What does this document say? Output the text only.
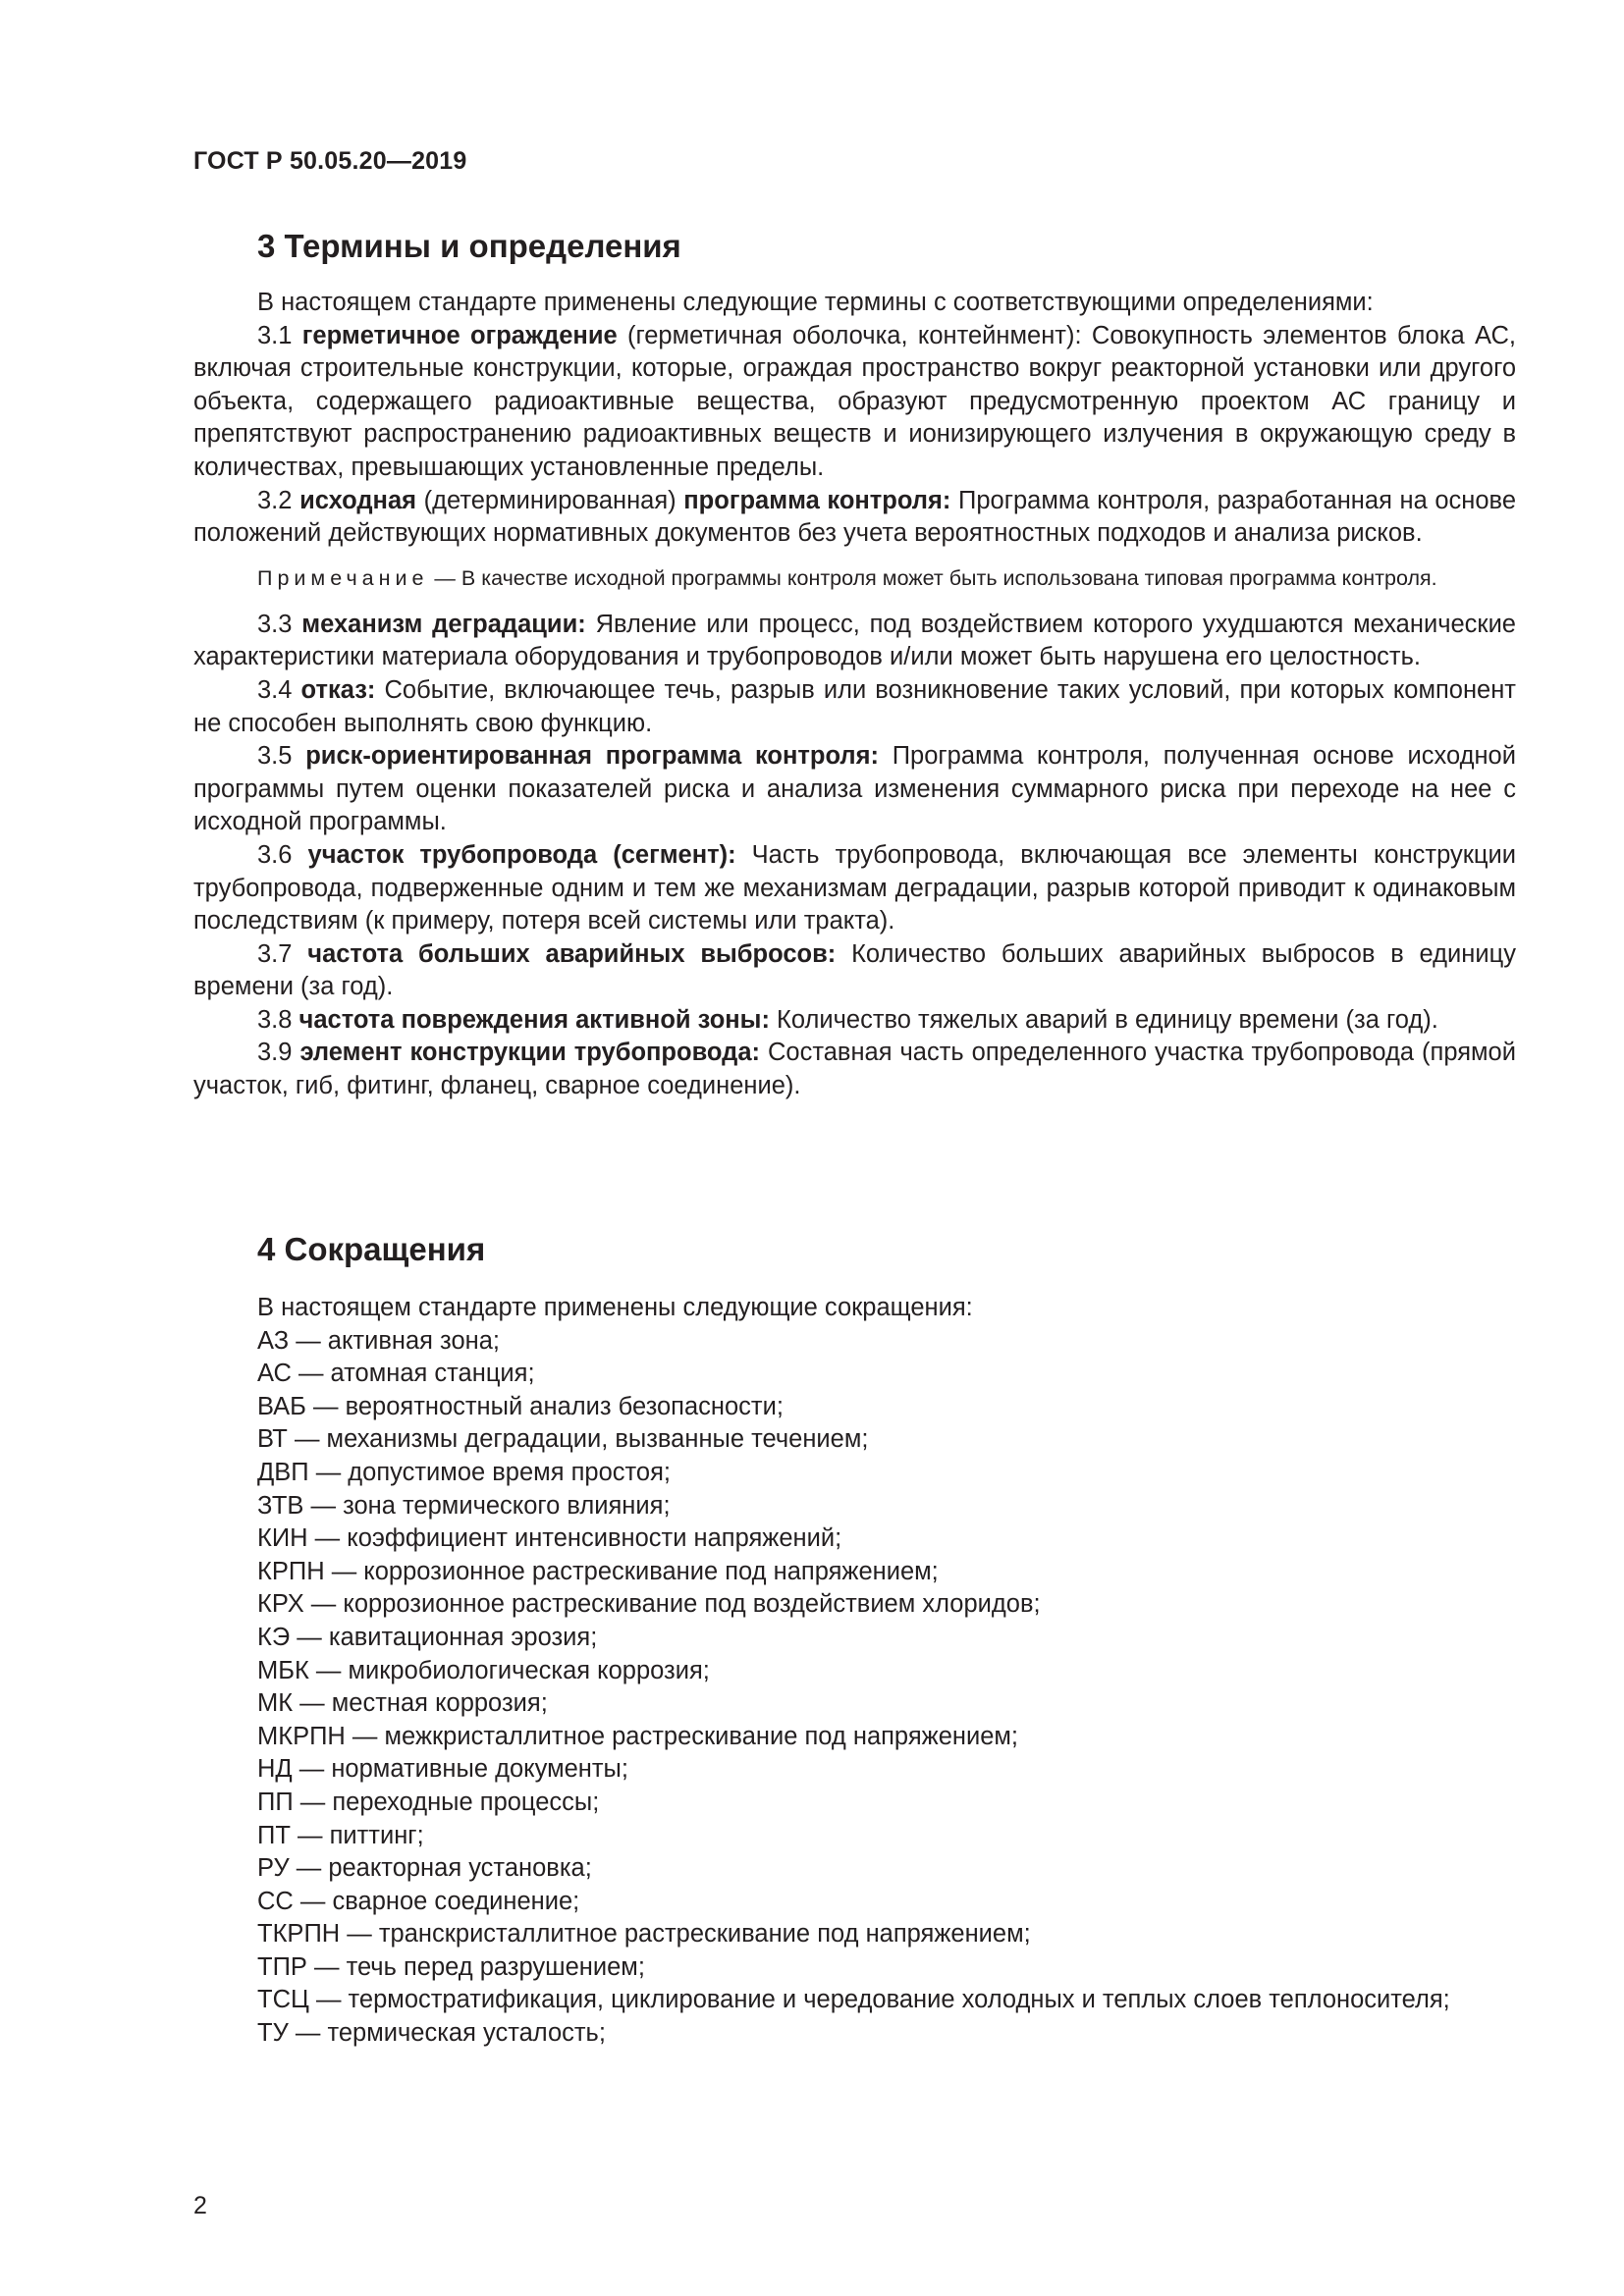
ГОСТ Р 50.05.20—2019
3 Термины и определения

В настоящем стандарте применены следующие термины с соответствующими определениями:

3.1 герметичное ограждение (герметичная оболочка, контейнмент): Совокупность элементов блока АС, включая строительные конструкции, которые, ограждая пространство вокруг реакторной установки или другого объекта, содержащего радиоактивные вещества, образуют предусмотренную проектом АС границу и препятствуют распространению радиоактивных веществ и ионизирующего излучения в окружающую среду в количествах, превышающих установленные пределы.

3.2 исходная (детерминированная) программа контроля: Программа контроля, разработанная на основе положений действующих нормативных документов без учета вероятностных подходов и анализа рисков.

Примечание — В качестве исходной программы контроля может быть использована типовая программа контроля.

3.3 механизм деградации: Явление или процесс, под воздействием которого ухудшаются механические характеристики материала оборудования и трубопроводов и/или может быть нарушена его целостность.

3.4 отказ: Событие, включающее течь, разрыв или возникновение таких условий, при которых компонент не способен выполнять свою функцию.

3.5 риск-ориентированная программа контроля: Программа контроля, полученная основе исходной программы путем оценки показателей риска и анализа изменения суммарного риска при переходе на нее с исходной программы.

3.6 участок трубопровода (сегмент): Часть трубопровода, включающая все элементы конструкции трубопровода, подверженные одним и тем же механизмам деградации, разрыв которой приводит к одинаковым последствиям (к примеру, потеря всей системы или тракта).

3.7 частота больших аварийных выбросов: Количество больших аварийных выбросов в единицу времени (за год).

3.8 частота повреждения активной зоны: Количество тяжелых аварий в единицу времени (за год).

3.9 элемент конструкции трубопровода: Составная часть определенного участка трубопровода (прямой участок, гиб, фитинг, фланец, сварное соединение).

4 Сокращения
В настоящем стандарте применены следующие сокращения:
АЗ — активная зона;
АС — атомная станция;
ВАБ — вероятностный анализ безопасности;
ВТ — механизмы деградации, вызванные течением;
ДВП — допустимое время простоя;
ЗТВ — зона термического влияния;
КИН — коэффициент интенсивности напряжений;
КРПН — коррозионное растрескивание под напряжением;
КРХ — коррозионное растрескивание под воздействием хлоридов;
КЭ — кавитационная эрозия;
МБК — микробиологическая коррозия;
МК — местная коррозия;
МКРПН — межкристаллитное растрескивание под напряжением;
НД — нормативные документы;
ПП — переходные процессы;
ПТ — питтинг;
РУ — реакторная установка;
СС — сварное соединение;
ТКРПН — транскристаллитное растрескивание под напряжением;
ТПР — течь перед разрушением;
ТСЦ — термостратификация, циклирование и чередование холодных и теплых слоев теплоносителя;
ТУ — термическая усталость;
2
